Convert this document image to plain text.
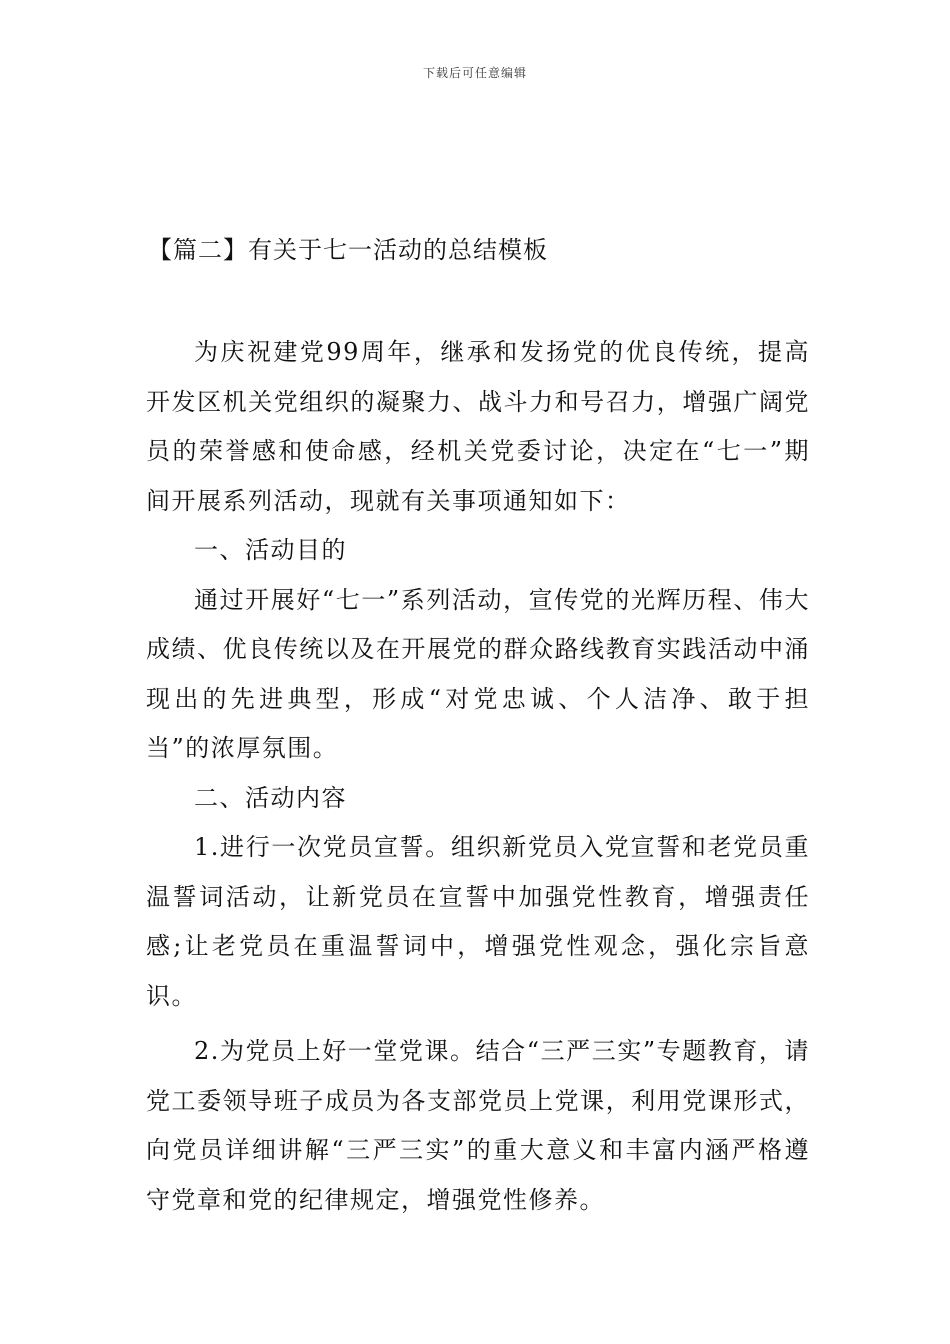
下载后可任意编辑
【篇二】有关于七一活动的总结模板

为庆祝建党99周年，继承和发扬党的优良传统，提高开发区机关党组织的凝聚力、战斗力和号召力，增强广阔党员的荣誉感和使命感，经机关党委讨论，决定在“七一”期间开展系列活动，现就有关事项通知如下：

一、活动目的

通过开展好“七一”系列活动，宣传党的光辉历程、伟大成绩、优良传统以及在开展党的群众路线教育实践活动中涌现出的先进典型，形成“对党忠诚、个人洁净、敢于担当”的浓厚氛围。

二、活动内容

1.进行一次党员宣誓。组织新党员入党宣誓和老党员重温誓词活动，让新党员在宣誓中加强党性教育，增强责任感;让老党员在重温誓词中，增强党性观念，强化宗旨意识。

2.为党员上好一堂党课。结合“三严三实”专题教育，请党工委领导班子成员为各支部党员上党课，利用党课形式，向党员详细讲解“三严三实”的重大意义和丰富内涵严格遵守党章和党的纪律规定，增强党性修养。
